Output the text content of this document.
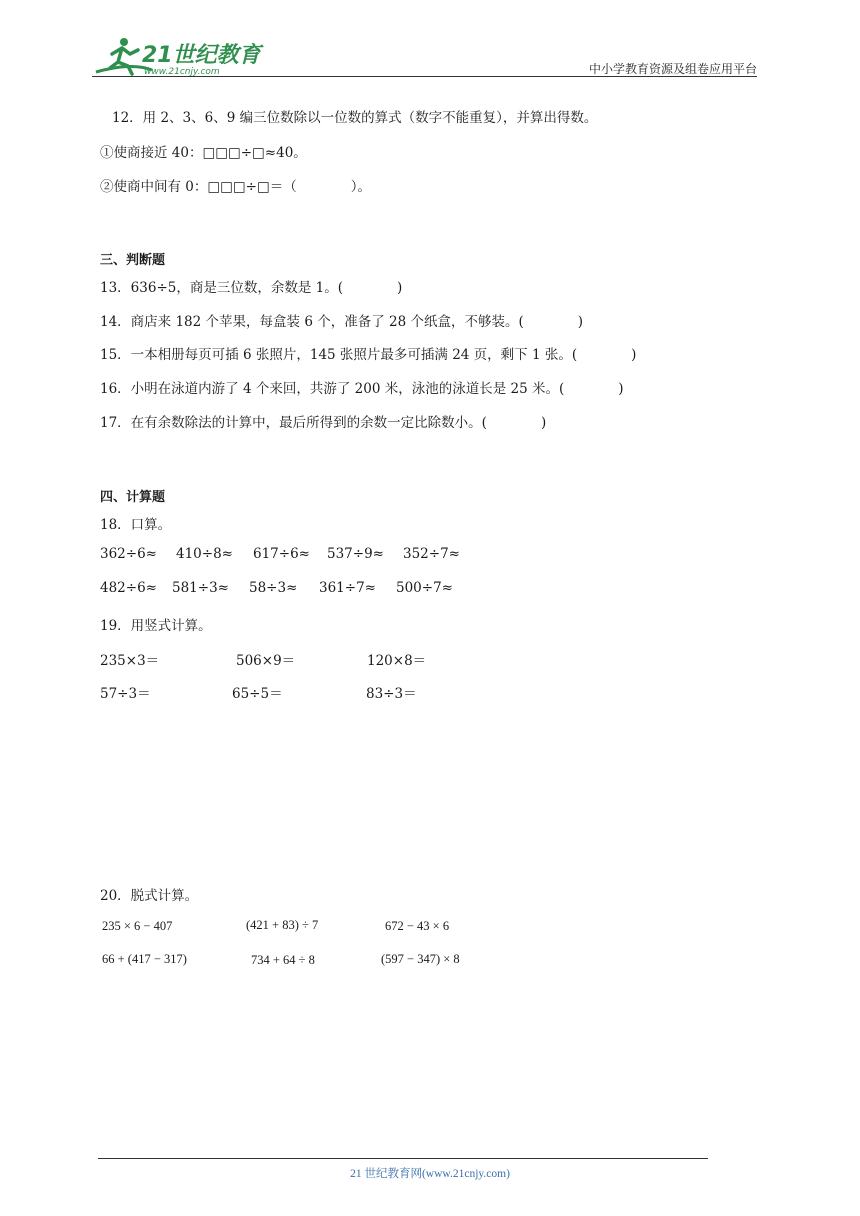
21世纪教育
www.21cnjy.com	中小学教育资源及组卷应用平台
12．用 2、3、6、9 编三位数除以一位数的算式（数字不能重复），并算出得数。
①使商接近 40：□□□÷□≈40。
②使商中间有 0：□□□÷□＝（　　　　）。
三、判断题
13．636÷5，商是三位数，余数是 1。(　　　　)
14．商店来 182 个苹果，每盒装 6 个，准备了 28 个纸盒，不够装。(　　　　)
15．一本相册每页可插 6 张照片，145 张照片最多可插满 24 页，剩下 1 张。(　　　　)
16．小明在泳道内游了 4 个来回，共游了 200 米，泳池的泳道长是 25 米。(　　　　)
17．在有余数除法的计算中，最后所得到的余数一定比除数小。(　　　　)
四、计算题
18．口算。
362÷6≈ 410÷8≈ 617÷6≈ 537÷9≈ 352÷7≈
482÷6≈ 581÷3≈ 58÷3≈ 361÷7≈ 500÷7≈
19．用竖式计算。
235×3＝	506×9＝	120×8＝
57÷3＝	65÷5＝	83÷3＝
20．脱式计算。
235 × 6 − 407	(421 + 83) ÷ 7	672 − 43 × 6
66 + (417 − 317)	734 + 64 ÷ 8	(597 − 347) × 8
21 世纪教育网(www.21cnjy.com)
